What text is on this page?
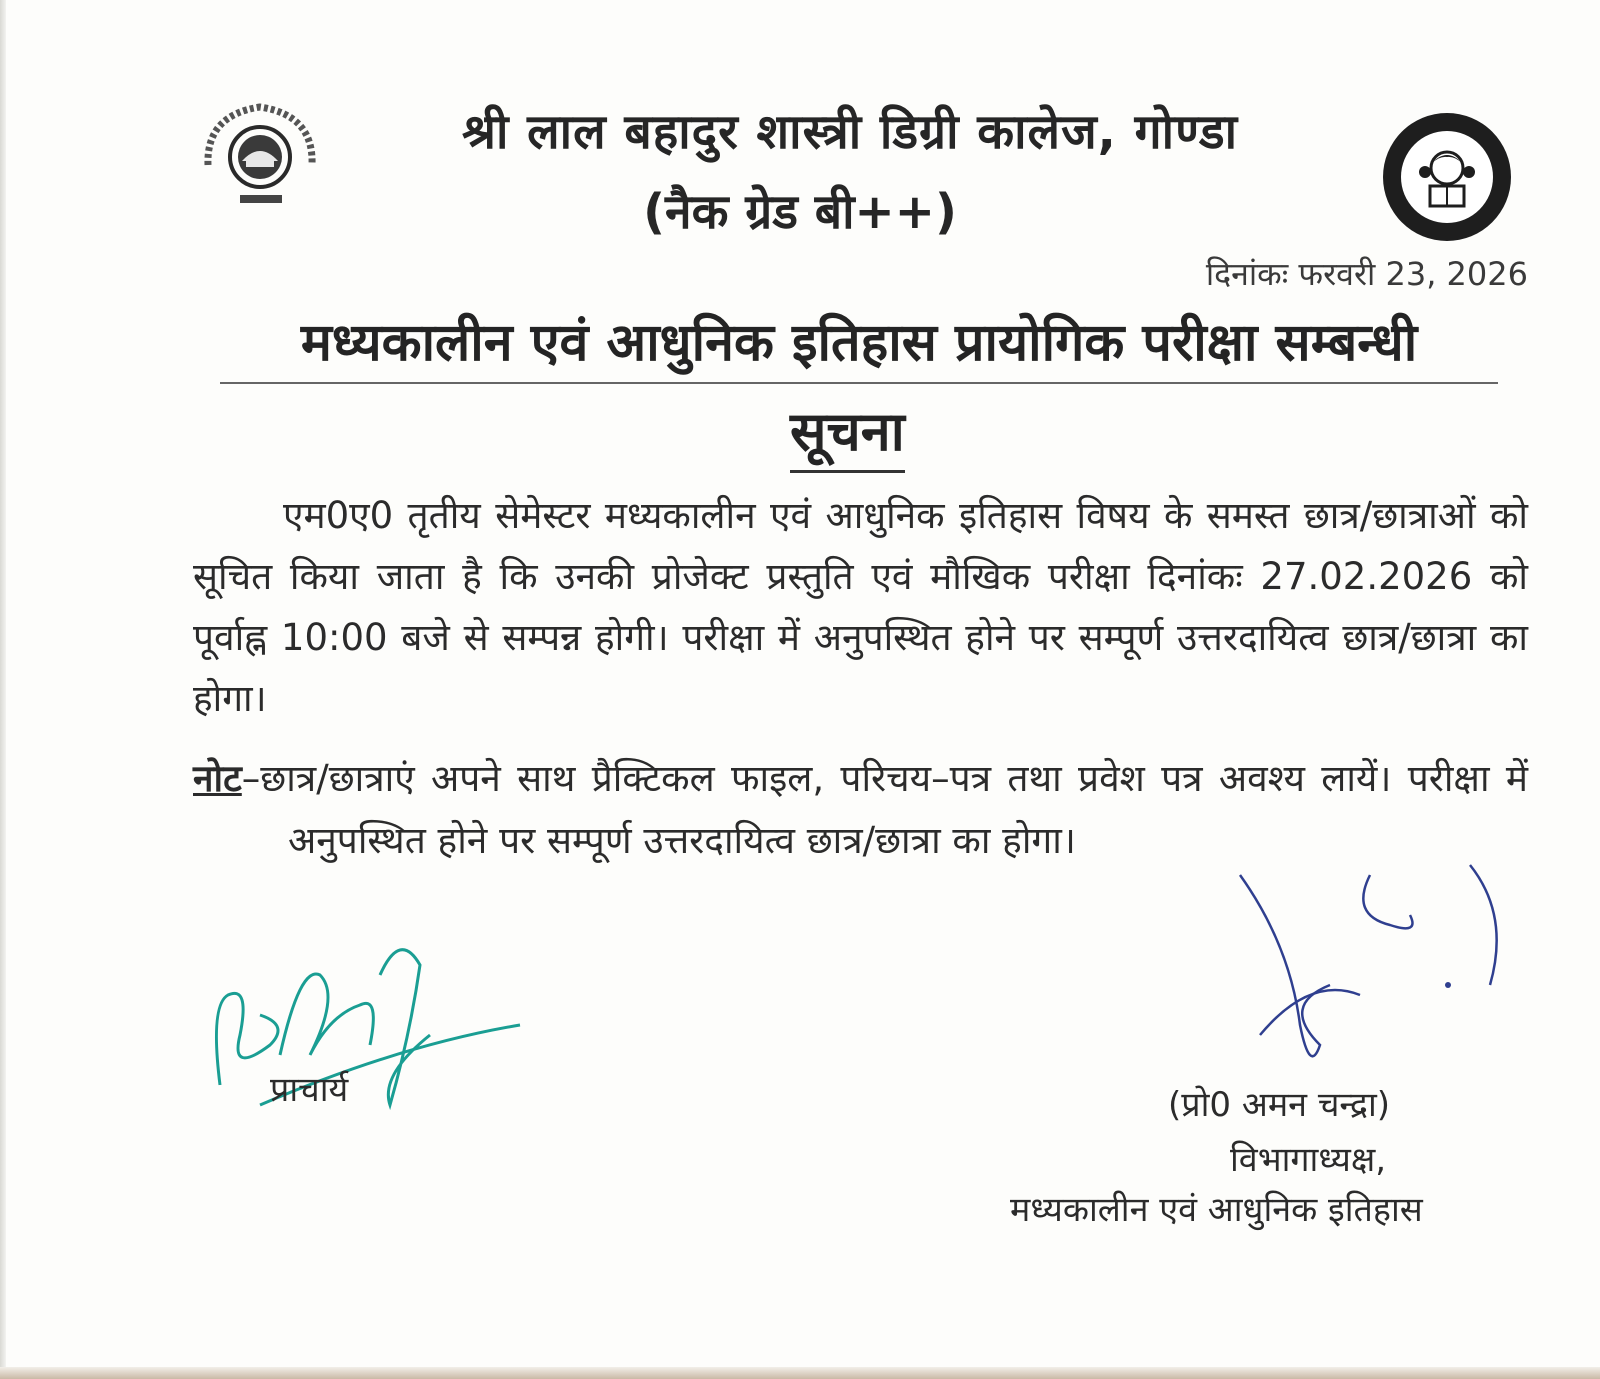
श्री लाल बहादुर शास्त्री डिग्री कालेज, गोण्डा
(नैक ग्रेड बी++)
दिनांकः फरवरी 23, 2026
मध्यकालीन एवं आधुनिक इतिहास प्रायोगिक परीक्षा सम्बन्धी
सूचना
एम0ए0 तृतीय सेमेस्टर मध्यकालीन एवं आधुनिक इतिहास विषय के समस्त छात्र/छात्राओं को सूचित किया जाता है कि उनकी प्रोजेक्ट प्रस्तुति एवं मौखिक परीक्षा दिनांकः 27.02.2026 को पूर्वाह्न 10:00 बजे से सम्पन्न होगी। परीक्षा में अनुपस्थित होने पर सम्पूर्ण उत्तरदायित्व छात्र/छात्रा का होगा।
नोट–छात्र/छात्राएं अपने साथ प्रैक्टिकल फाइल, परिचय–पत्र तथा प्रवेश पत्र अवश्य लायें। परीक्षा में अनुपस्थित होने पर सम्पूर्ण उत्तरदायित्व छात्र/छात्रा का होगा।
प्राचार्य	(प्रो0 अमन चन्द्रा)
विभागाध्यक्ष,
मध्यकालीन एवं आधुनिक इतिहास
